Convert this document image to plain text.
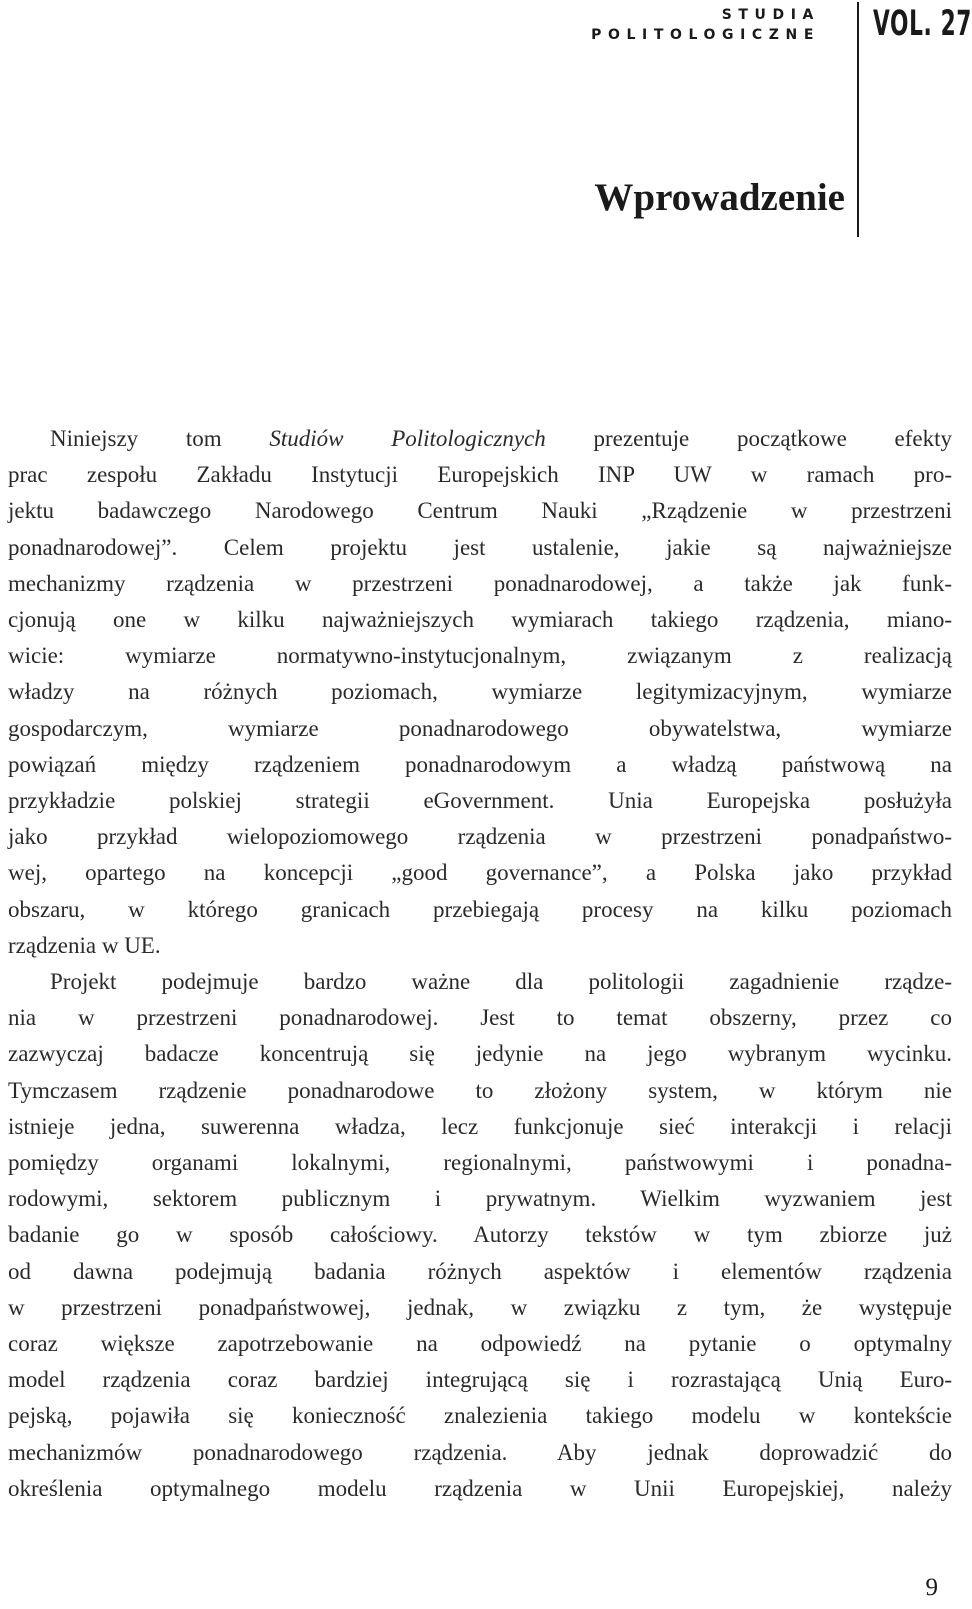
STUDIA
POLITOLOGICZNE VOL. 27
Wprowadzenie

Niniejszy tom Studiów Politologicznych prezentuje początkowe efekty
prac zespołu Zakładu Instytucji Europejskich INP UW w ramach pro-
jektu badawczego Narodowego Centrum Nauki „Rządzenie w przestrzeni
ponadnarodowej”. Celem projektu jest ustalenie, jakie są najważniejsze
mechanizmy rządzenia w przestrzeni ponadnarodowej, a także jak funk-
cjonują one w kilku najważniejszych wymiarach takiego rządzenia, miano-
wicie: wymiarze normatywno-instytucjonalnym, związanym z realizacją
władzy na różnych poziomach, wymiarze legitymizacyjnym, wymiarze
gospodarczym, wymiarze ponadnarodowego obywatelstwa, wymiarze
powiązań między rządzeniem ponadnarodowym a władzą państwową na
przykładzie polskiej strategii eGovernment. Unia Europejska posłużyła
jako przykład wielopoziomowego rządzenia w przestrzeni ponadpaństwo-
wej, opartego na koncepcji „good governance”, a Polska jako przykład
obszaru, w którego granicach przebiegają procesy na kilku poziomach
rządzenia w UE.

Projekt podejmuje bardzo ważne dla politologii zagadnienie rządze-
nia w przestrzeni ponadnarodowej. Jest to temat obszerny, przez co
zazwyczaj badacze koncentrują się jedynie na jego wybranym wycinku.
Tymczasem rządzenie ponadnarodowe to złożony system, w którym nie
istnieje jedna, suwerenna władza, lecz funkcjonuje sieć interakcji i relacji
pomiędzy organami lokalnymi, regionalnymi, państwowymi i ponadna-
rodowymi, sektorem publicznym i prywatnym. Wielkim wyzwaniem jest
badanie go w sposób całościowy. Autorzy tekstów w tym zbiorze już
od dawna podejmują badania różnych aspektów i elementów rządzenia
w przestrzeni ponadpaństwowej, jednak, w związku z tym, że występuje
coraz większe zapotrzebowanie na odpowiedź na pytanie o optymalny
model rządzenia coraz bardziej integrującą się i rozrastającą Unią Euro-
pejską, pojawiła się konieczność znalezienia takiego modelu w kontekście
mechanizmów ponadnarodowego rządzenia. Aby jednak doprowadzić do
określenia optymalnego modelu rządzenia w Unii Europejskiej, należy

9
